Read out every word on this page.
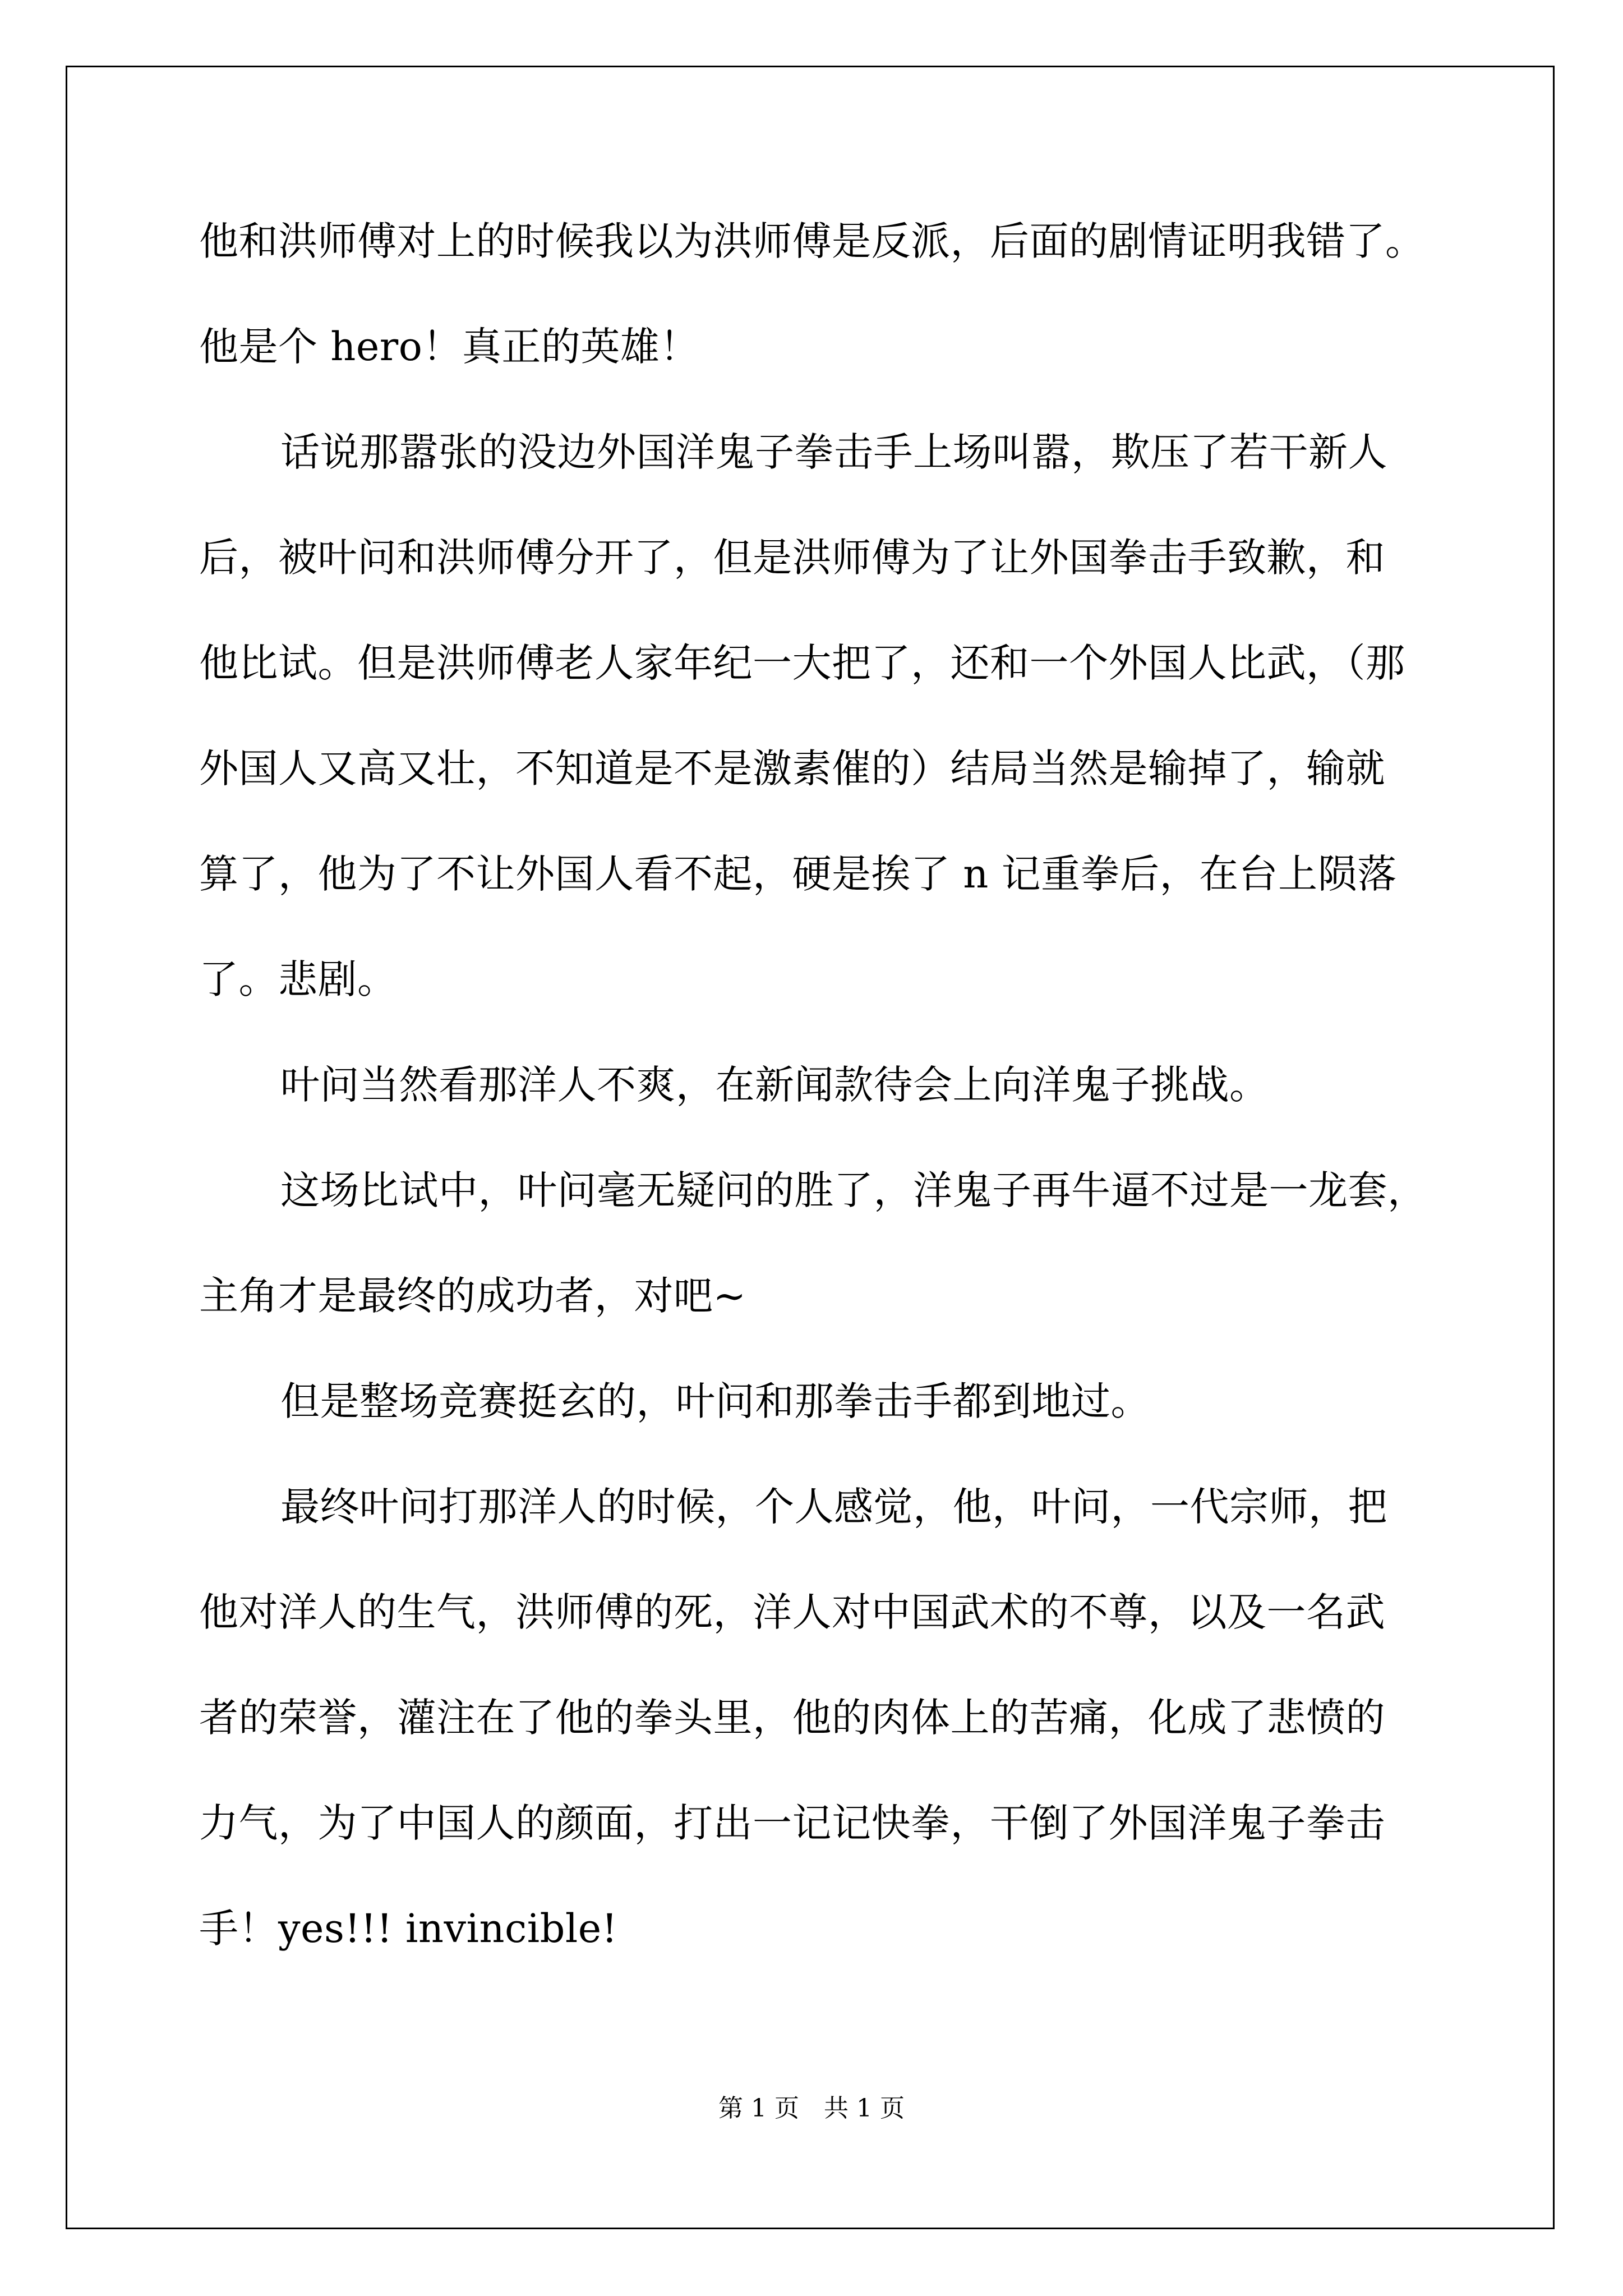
他和洪师傅对上的时候我以为洪师傅是反派，后面的剧情证明我错了。
他是个 hero！真正的英雄！
话说那嚣张的没边外国洋鬼子拳击手上场叫嚣，欺压了若干新人
后，被叶问和洪师傅分开了，但是洪师傅为了让外国拳击手致歉，和
他比试。但是洪师傅老人家年纪一大把了，还和一个外国人比武，（那
外国人又高又壮，不知道是不是激素催的）结局当然是输掉了，输就
算了，他为了不让外国人看不起，硬是挨了 n 记重拳后，在台上陨落
了。悲剧。
叶问当然看那洋人不爽，在新闻款待会上向洋鬼子挑战。
这场比试中，叶问毫无疑问的胜了，洋鬼子再牛逼不过是一龙套，
主角才是最终的成功者，对吧~
但是整场竞赛挺玄的，叶问和那拳击手都到地过。
最终叶问打那洋人的时候，个人感觉，他，叶问，一代宗师，把
他对洋人的生气，洪师傅的死，洋人对中国武术的不尊，以及一名武
者的荣誉，灌注在了他的拳头里，他的肉体上的苦痛，化成了悲愤的
力气，为了中国人的颜面，打出一记记快拳，干倒了外国洋鬼子拳击
手！yes!!! invincible!
第 1 页　共 1 页
